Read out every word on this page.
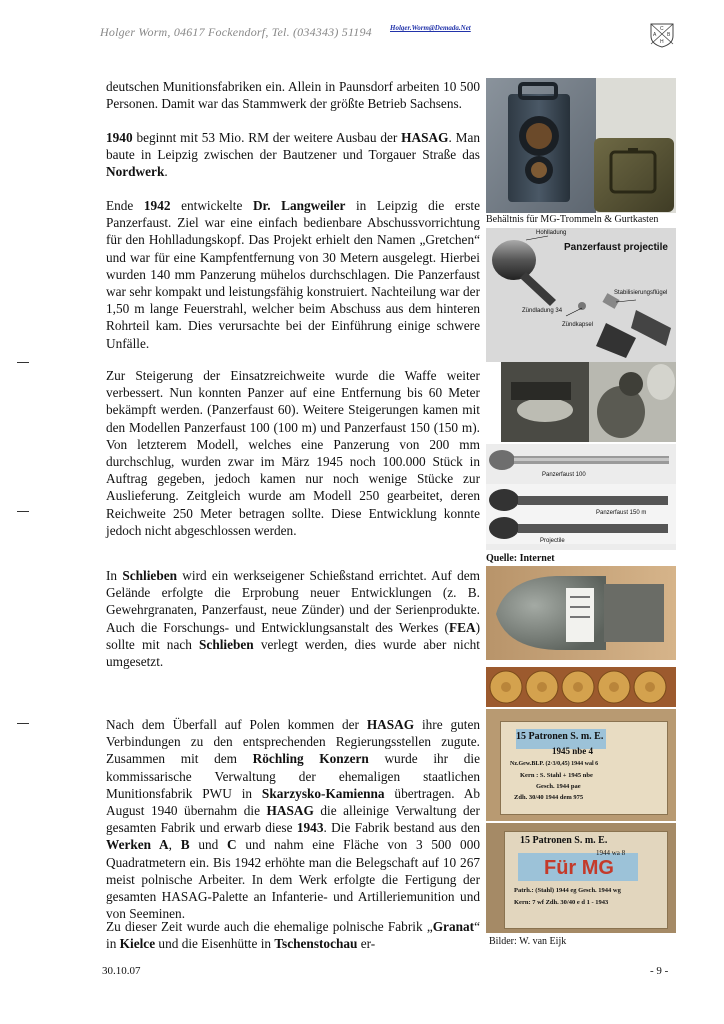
Holger Worm, 04617 Fockendorf, Tel. (034343) 51194	Holger.Worm@Demada.Net	C
A B
H
deutschen Munitionsfabriken ein. Allein in Paunsdorf arbeiten 10 500 Personen. Damit war das Stammwerk der größte Betrieb Sachsens.
1940 beginnt mit 53 Mio. RM der weitere Ausbau der HASAG. Man baute in Leipzig zwischen der Bautzener und Torgauer Straße das Nordwerk.
Ende 1942 entwickelte Dr. Langweiler in Leipzig die erste Panzerfaust. Ziel war eine einfach bedienbare Abschussvorrichtung für den Hohlladungskopf. Das Projekt erhielt den Namen „Gretchen“ und war für eine Kampfentfernung von 30 Metern ausgelegt. Hierbei wurden 140 mm Panzerung mühelos durchschlagen. Die Panzerfaust war sehr kompakt und leistungsfähig konstruiert. Nachteilung war der 1,50 m lange Feuerstrahl, welcher beim Abschuss aus dem hinteren Rohrteil kam. Dies verursachte bei der Einführung einige schwere Unfälle.
Zur Steigerung der Einsatzreichweite wurde die Waffe weiter verbessert. Nun konnten Panzer auf eine Entfernung bis 60 Meter bekämpft werden. (Panzerfaust 60). Weitere Steigerungen kamen mit den Modellen Panzerfaust 100 (100 m) und Panzerfaust 150 (150 m). Von letzterem Modell, welches eine Panzerung von 200 mm durchschlug, wurden zwar im März 1945 noch 100.000 Stück in Auftrag gegeben, jedoch kamen nur noch wenige Stücke zur Auslieferung. Zeitgleich wurde am Modell 250 gearbeitet, deren Reichweite 250 Meter betragen sollte. Diese Entwicklung konnte jedoch nicht abgeschlossen werden.
In Schlieben wird ein werkseigener Schießstand errichtet. Auf dem Gelände erfolgte die Erprobung neuer Entwicklungen (z. B. Gewehrgranaten, Panzerfaust, neue Zünder) und der Serienprodukte. Auch die Forschungs- und Entwicklungsanstalt des Werkes (FEA) sollte mit nach Schlieben verlegt werden, dies wurde aber nicht umgesetzt.
Nach dem Überfall auf Polen kommen der HASAG ihre guten Verbindungen zu den entsprechenden Regierungsstellen zugute. Zusammen mit dem Röchling Konzern wurde ihr die kommissarische Verwaltung der ehemaligen staatlichen Munitionsfabrik PWU in Skarzysko-Kamienna übertragen. Ab August 1940 übernahm die HASAG die alleinige Verwaltung der gesamten Fabrik und erwarb diese 1943. Die Fabrik bestand aus den Werken A, B und C und nahm eine Fläche von 3 500 000 Quadratmetern ein. Bis 1942 erhöhte man die Belegschaft auf 10 267 meist polnische Arbeiter. In dem Werk erfolgte die Fertigung der gesamten HASAG-Palette an Infanterie- und Artilleriemunition und von Seeminen.
Zu dieser Zeit wurde auch die ehemalige polnische Fabrik „Granat“ in Kielce und die Eisenhütte in Tschenstochau er-
Behältnis für MG-Trommeln & Gurtkasten
Hohlladung
Panzerfaust projectile
Stabilisierungsflügel
Zündladung 34
Zündkapsel
Panzerfaust 100
Panzerfaust 150 m
Projectile
Quelle: Internet
15 Patronen S. m. E.
1945 nbe 4
Nz.Gew.BLP. (2·3/0,45) 1944 wal 6
Kern : S. Stahl + 1945 nbe
Gesch. 1944 pae
Zdh. 30/40 1944 dem 975
15 Patronen S. m. E.
1944 wa 8
Für MG
Patrh.: (Stahl) 1944 eg Gesch. 1944 wg
Kern: 7 wf Zdh. 30/40 e d 1 - 1943
Bilder: W. van Eijk
30.10.07	- 9 -
